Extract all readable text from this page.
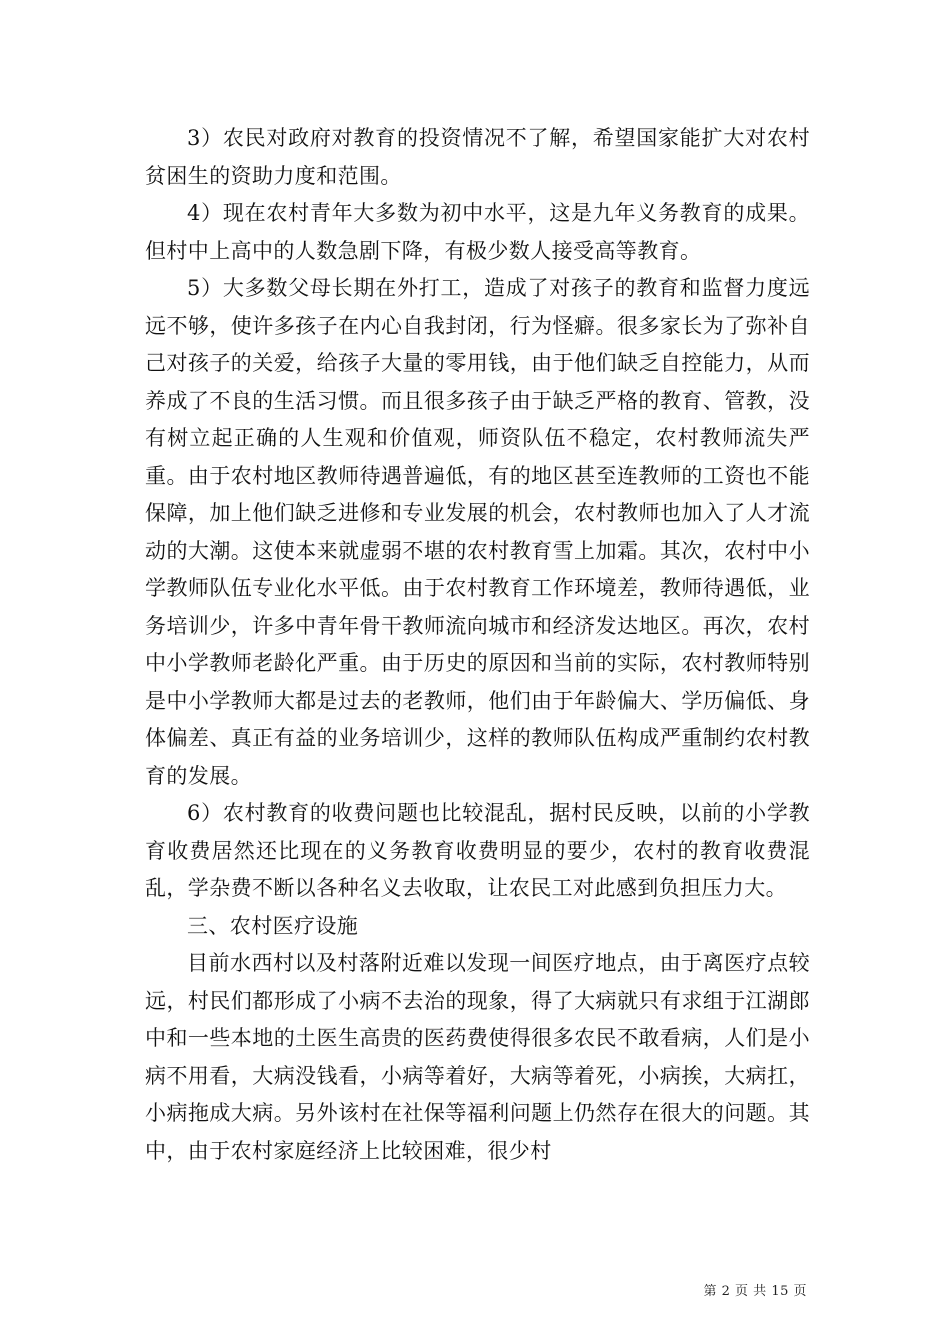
3）农民对政府对教育的投资情况不了解，希望国家能扩大对农村贫困生的资助力度和范围。

4）现在农村青年大多数为初中水平，这是九年义务教育的成果。但村中上高中的人数急剧下降，有极少数人接受高等教育。

5）大多数父母长期在外打工，造成了对孩子的教育和监督力度远远不够，使许多孩子在内心自我封闭，行为怪癖。很多家长为了弥补自己对孩子的关爱，给孩子大量的零用钱，由于他们缺乏自控能力，从而养成了不良的生活习惯。而且很多孩子由于缺乏严格的教育、管教，没有树立起正确的人生观和价值观，师资队伍不稳定，农村教师流失严重。由于农村地区教师待遇普遍低，有的地区甚至连教师的工资也不能保障，加上他们缺乏进修和专业发展的机会，农村教师也加入了人才流动的大潮。这使本来就虚弱不堪的农村教育雪上加霜。其次，农村中小学教师队伍专业化水平低。由于农村教育工作环境差，教师待遇低，业务培训少，许多中青年骨干教师流向城市和经济发达地区。再次，农村中小学教师老龄化严重。由于历史的原因和当前的实际，农村教师特别是中小学教师大都是过去的老教师，他们由于年龄偏大、学历偏低、身体偏差、真正有益的业务培训少，这样的教师队伍构成严重制约农村教育的发展。

6）农村教育的收费问题也比较混乱，据村民反映，以前的小学教育收费居然还比现在的义务教育收费明显的要少，农村的教育收费混乱，学杂费不断以各种名义去收取，让农民工对此感到负担压力大。

三、农村医疗设施

目前水西村以及村落附近难以发现一间医疗地点，由于离医疗点较远，村民们都形成了小病不去治的现象，得了大病就只有求组于江湖郎中和一些本地的土医生高贵的医药费使得很多农民不敢看病，人们是小病不用看，大病没钱看，小病等着好，大病等着死，小病挨，大病扛，小病拖成大病。另外该村在社保等福利问题上仍然存在很大的问题。其中，由于农村家庭经济上比较困难，很少村

第 2 页 共 15 页
